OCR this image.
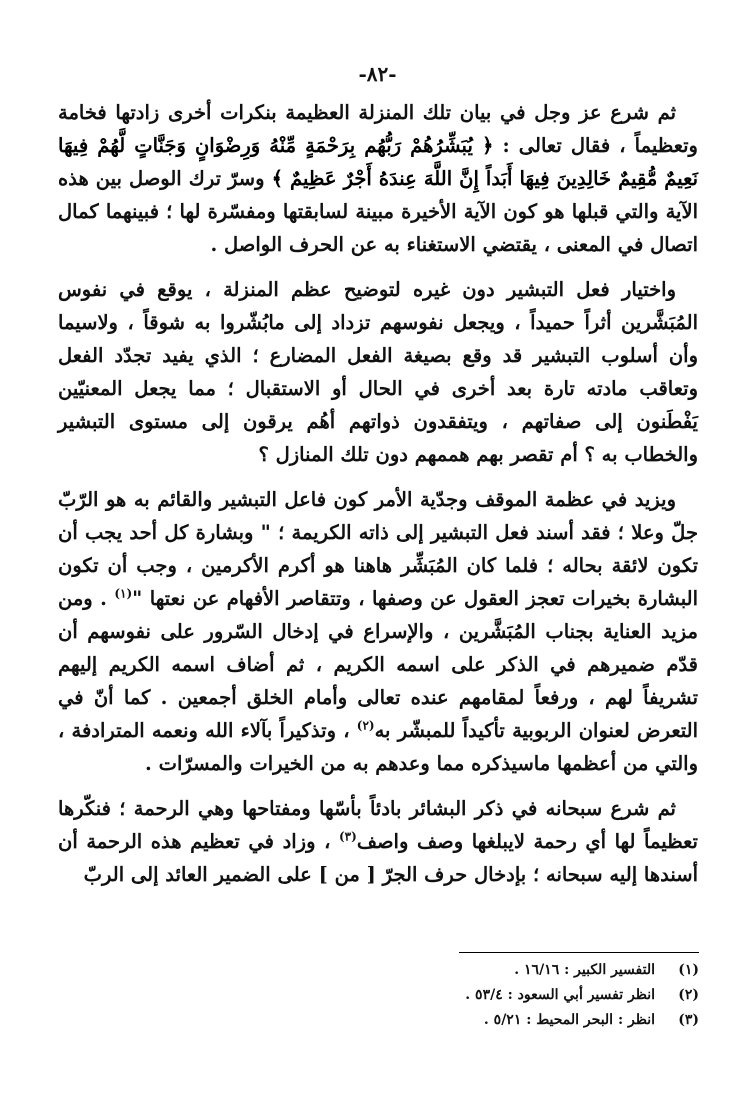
-٨٢-

ثم شرع عز وجل في بيان تلك المنزلة العظيمة بنكرات أخرى زادتها فخامة وتعظيماً ، فقال تعالى : ﴿ يُبَشِّرُهُمْ رَبُّهُم بِرَحْمَةٍ مِّنْهُ وَرِضْوَانٍ وَجَنَّاتٍ لَّهُمْ فِيهَا نَعِيمٌ مُّقِيمٌ خَالِدِينَ فِيهَا أَبَداً إِنَّ اللَّهَ عِندَهُ أَجْرٌ عَظِيمٌ ﴾ وسرّ ترك الوصل بين هذه الآية والتي قبلها هو كون الآية الأخيرة مبينة لسابقتها ومفسّرة لها ؛ فبينهما كمال اتصال في المعنى ، يقتضي الاستغناء به عن الحرف الواصل .

واختيار فعل التبشير دون غيره لتوضيح عظم المنزلة ، يوقع في نفوس المُبَشَّرين أثراً حميداً ، ويجعل نفوسهم تزداد إلى مابُشّروا به شوقاً ، ولاسيما وأن أسلوب التبشير قد وقع بصيغة الفعل المضارع ؛ الذي يفيد تجدّد الفعل وتعاقب مادته تارة بعد أخرى في الحال أو الاستقبال ؛ مما يجعل المعنيّين يَفْطَنون إلى صفاتهم ، ويتفقدون ذواتهم أهُم يرقون إلى مستوى التبشير والخطاب به ؟ أم تقصر بهم هممهم دون تلك المنازل ؟

ويزيد في عظمة الموقف وجدّية الأمر كون فاعل التبشير والقائم به هو الرّبّ جلّ وعلا ؛ فقد أسند فعل التبشير إلى ذاته الكريمة ؛ " وبشارة كل أحد يجب أن تكون لائقة بحاله ؛ فلما كان المُبَشِّر هاهنا هو أكرم الأكرمين ، وجب أن تكون البشارة بخيرات تعجز العقول عن وصفها ، وتتقاصر الأفهام عن نعتها "$^{(١)}$ . ومن مزيد العناية بجناب المُبَشَّرين ، والإسراع في إدخال السّرور على نفوسهم أن قدّم ضميرهم في الذكر على اسمه الكريم ، ثم أضاف اسمه الكريم إليهم تشريفاً لهم ، ورفعاً لمقامهم عنده تعالى وأمام الخلق أجمعين . كما أنّ في التعرض لعنوان الربوبية تأكيداً للمبشّر به$^{(٢)}$ ، وتذكيراً بآلاء الله ونعمه المترادفة ، والتي من أعظمها ماسيذكره مما وعدهم به من الخيرات والمسرّات .

ثم شرع سبحانه في ذكر البشائر بادئاً بأسّها ومفتاحها وهي الرحمة ؛ فنكّرها تعظيماً لها أي رحمة لايبلغها وصف واصف$^{(٣)}$ ، وزاد في تعظيم هذه الرحمة أن أسندها إليه سبحانه ؛ بإدخال حرف الجرّ [ من ] على الضمير العائد إلى الربّ

(١)
التفسير الكبير : ١٦/١٦ .
(٢)
انظر تفسير أبي السعود : ٥٣/٤ .
(٣)
انظر : البحر المحيط : ٥/٢١ .
